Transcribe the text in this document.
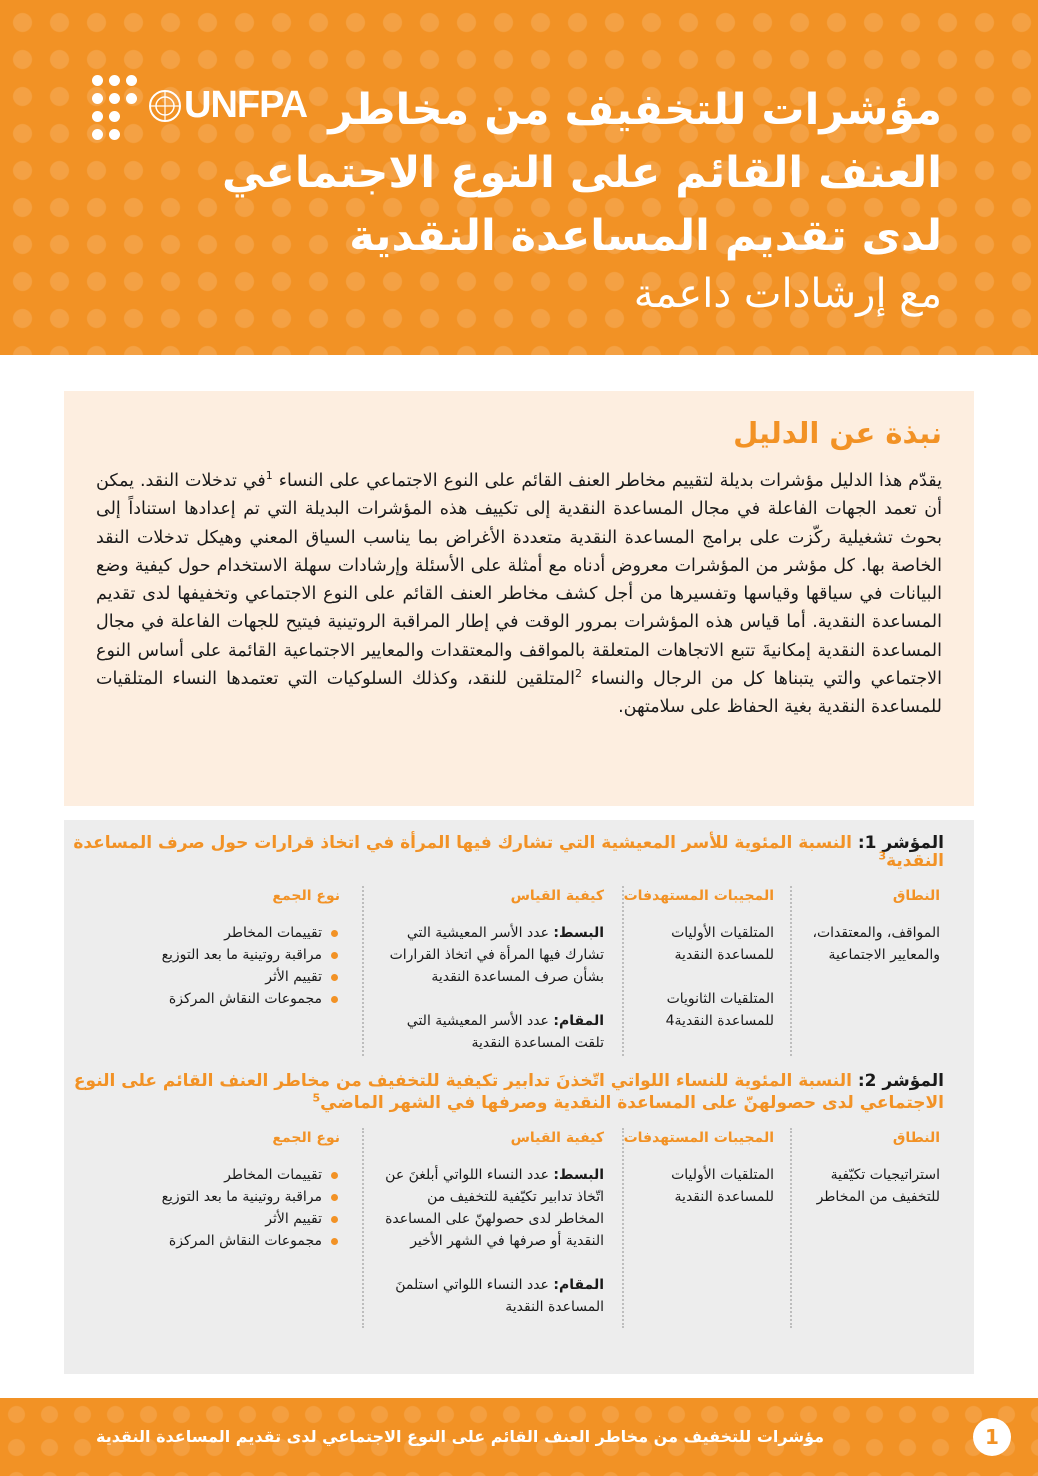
UNFPA مؤشرات للتخفيف من مخاطر
العنف القائم على النوع الاجتماعي
لدى تقديم المساعدة النقدية
مع إرشادات داعمة
نبذة عن الدليل

يقدّم هذا الدليل مؤشرات بديلة لتقييم مخاطر العنف القائم على النوع الاجتماعي على النساء $^1$في تدخلات النقد. يمكن أن تعمد الجهات الفاعلة في مجال المساعدة النقدية إلى تكييف هذه المؤشرات البديلة التي تم إعدادها استناداً إلى بحوث تشغيلية ركّزت على برامج المساعدة النقدية متعددة الأغراض بما يناسب السياق المعني وهيكل تدخلات النقد الخاصة بها. كل مؤشر من المؤشرات معروض أدناه مع أمثلة على الأسئلة وإرشادات سهلة الاستخدام حول كيفية وضع البيانات في سياقها وقياسها وتفسيرها من أجل كشف مخاطر العنف القائم على النوع الاجتماعي وتخفيفها لدى تقديم المساعدة النقدية. أما قياس هذه المؤشرات بمرور الوقت في إطار المراقبة الروتينية فيتيح للجهات الفاعلة في مجال المساعدة النقدية إمكانيةَ تتبع الاتجاهات المتعلقة بالمواقف والمعتقدات والمعايير الاجتماعية القائمة على أساس النوع الاجتماعي والتي يتبناها كل من الرجال والنساء $^2$المتلقين للنقد، وكذلك السلوكيات التي تعتمدها النساء المتلقيات للمساعدة النقدية بغية الحفاظ على سلامتهن.

المؤشر 1: النسبة المئوية للأسر المعيشية التي تشارك فيها المرأة في اتخاذ قرارات حول صرف المساعدة
النقدية$^3$
النطاق
المواقف، والمعتقدات، والمعايير الاجتماعية
المجيبات المستهدفات
المتلقيات الأوليات للمساعدة النقدية
المتلقيات الثانويات للمساعدة النقدية4
كيفية القياس
البسط: عدد الأسر المعيشية التي تشارك فيها المرأة في اتخاذ القرارات بشأن صرف المساعدة النقدية
المقام: عدد الأسر المعيشية التي تلقت المساعدة النقدية
نوع الجمع
تقييمات المخاطر
مراقبة روتينية ما بعد التوزيع
تقييم الأثر
مجموعات النقاش المركزة
المؤشر 2: النسبة المئوية للنساء اللواتي اتّخذنَ تدابير تكيفية للتخفيف من مخاطر العنف القائم على النوع
الاجتماعي لدى حصولهنّ على المساعدة النقدية وصرفها في الشهر الماضي$^5$
النطاق
استراتيجيات تكيّفية للتخفيف من المخاطر
المجيبات المستهدفات
المتلقيات الأوليات للمساعدة النقدية
كيفية القياس
البسط: عدد النساء اللواتي أبلغنَ عن اتّخاذ تدابير تكيّفية للتخفيف من المخاطر لدى حصولهنّ على المساعدة النقدية أو صرفها في الشهر الأخير
المقام: عدد النساء اللواتي استلمنَ المساعدة النقدية
نوع الجمع
تقييمات المخاطر
مراقبة روتينية ما بعد التوزيع
تقييم الأثر
مجموعات النقاش المركزة
1
مؤشرات للتخفيف من مخاطر العنف القائم على النوع الاجتماعي لدى تقديم المساعدة النقدية
